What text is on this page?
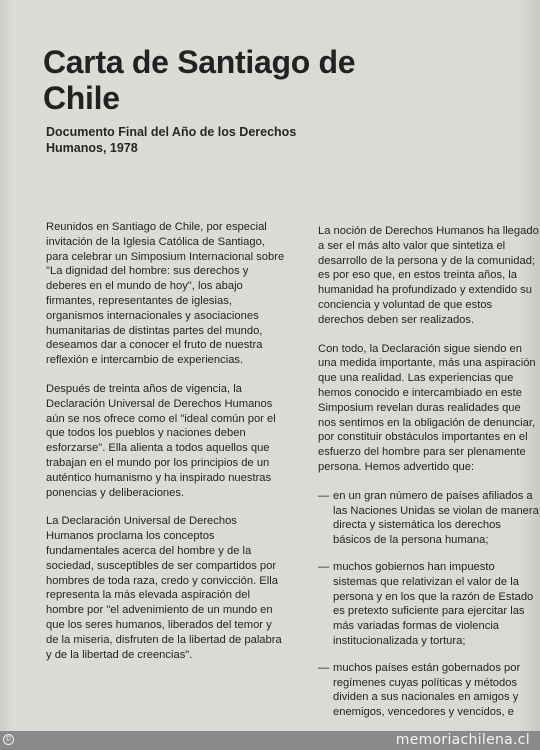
Carta de Santiago de Chile
Documento Final del Año de los Derechos Humanos, 1978

Reunidos en Santiago de Chile, por especial invitación de la Iglesia Católica de Santiago, para celebrar un Simposium Internacional sobre "La dignidad del hombre: sus derechos y deberes en el mundo de hoy", los abajo firmantes, representantes de iglesias, organismos internacionales y asociaciones humanitarias de distintas partes del mundo, deseamos dar a conocer el fruto de nuestra reflexión e intercambio de experiencias.

Después de treinta años de vigencia, la Declaración Universal de Derechos Humanos aún se nos ofrece como el "ideal común por el que todos los pueblos y naciones deben esforzarse". Ella alienta a todos aquellos que trabajan en el mundo por los principios de un auténtico humanismo y ha inspirado nuestras ponencias y deliberaciones.

La Declaración Universal de Derechos Humanos proclama los conceptos fundamentales acerca del hombre y de la sociedad, susceptibles de ser compartidos por hombres de toda raza, credo y convicción. Ella representa la más elevada aspiración del hombre por "el advenimiento de un mundo en que los seres humanos, liberados del temor y de la miseria, disfruten de la libertad de palabra y de la libertad de creencias".

La noción de Derechos Humanos ha llegado a ser el más alto valor que sintetiza el desarrollo de la persona y de la comunidad; es por eso que, en estos treinta años, la humanidad ha profundizado y extendido su conciencia y voluntad de que estos derechos deben ser realizados.

Con todo, la Declaración sigue siendo en una medida importante, más una aspiración que una realidad. Las experiencias que hemos conocido e intercambiado en este Simposium revelan duras realidades que nos sentimos en la obligación de denunciar, por constituir obstáculos importantes en el esfuerzo del hombre para ser plenamente persona. Hemos advertido que:

— en un gran número de países afiliados a las Naciones Unidas se violan de manera directa y sistemática los derechos básicos de la persona humana;
— muchos gobiernos han impuesto sistemas que relativizan el valor de la persona y en los que la razón de Estado es pretexto suficiente para ejercitar las más variadas formas de violencia institucionalizada y tortura;
— muchos países están gobernados por regímenes cuyas políticas y métodos dividen a sus nacionales en amigos y enemigos, vencedores y vencidos, e
©	memoriachilena.cl
